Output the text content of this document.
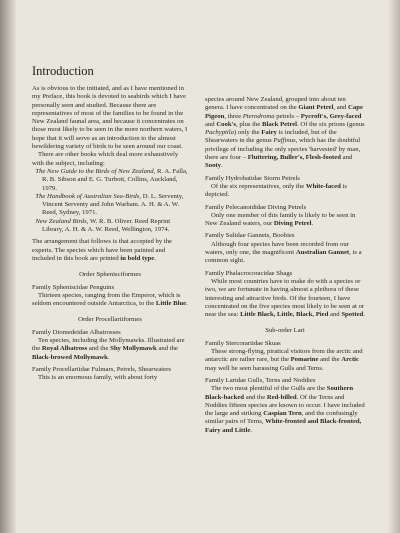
Introduction

As is obvious to the initiated, and as I have mentioned in my Preface, this book is devoted to seabirds which I have personally seen and studied. Because there are representatives of most of the families to be found in the New Zealand faunal area, and because it concentrates on those most likely to be seen in the more northern waters, I hope that it will serve as an introduction to the almost bewildering variety of birds to be seen around our coast.

There are other books which deal more exhaustively with the subject, including:

The New Guide to the Birds of New Zealand, R. A. Falla, R. B. Sibson and E. G. Turbott, Collins, Auckland, 1979.

The Handbook of Australian Sea-Birds, D. L. Serventy, Vincent Serventy and John Warham. A. H. & A. W. Reed, Sydney, 1971.

New Zealand Birds, W. R. B. Oliver. Reed Reprint Library, A. H. & A. W. Reed, Wellington, 1974.

The arrangement that follows is that accepted by the experts. The species which have been painted and included in this book are printed in bold type.

Order Sphenisciformes

Family Spheniscidae Penguins

Thirteen species, ranging from the Emperor, which is seldom encountered outside Antarctica, to the Little Blue.

Order Procellariiformes

Family Diomedeidae Albatrosses

Ten species, including the Mollymawks. Illustrated are the Royal Albatross and the Shy Mollymawk and the Black-browed Mollymawk.

Family Procellariidae Fulmars, Petrels, Shearwaters

This is an enormous family, with about forty

species around New Zealand, grouped into about ten genera. I have concentrated on the Giant Petrel, and Cape Pigeon, three Pterodroma petrels – Pycroft's, Grey-faced and Cook's, plus the Black Petrel. Of the six prions (genus Pachyptila) only the Fairy is included, but of the Shearwaters in the genus Puffinus, which has the doubtful privilege of including the only species 'harvested' by man, there are four – Fluttering, Buller's, Flesh-footed and Sooty.

Family Hydrobatidae Storm Petrels

Of the six representatives, only the White-faced is depicted.

Family Pelecanoididae Diving Petrels

Only one member of this family is likely to be seen in New Zealand waters, our Diving Petrel.

Family Sulidae Gannets, Boobies

Although four species have been recorded from our waters, only one, the magnificent Australian Gannet, is a common sight.

Family Phalacrocoracidae Shags

While most countries have to make do with a species or two, we are fortunate in having almost a plethora of these interesting and attractive birds. Of the fourteen, I have concentrated on the five species most likely to be seen at or near the sea: Little Black, Little, Black, Pied and Spotted.

Sub-order Lari

Family Stercorariidae Skuas

These strong-flying, piratical visitors from the arctic and antarctic are rather rare, but the Pomarine and the Arctic may well be seen harassing Gulls and Terns.

Family Laridae Gulls, Terns and Noddies

The two most plentiful of the Gulls are the Southern Black-backed and the Red-billed. Of the Terns and Noddies fifteen species are known to occur. I have included the large and striking Caspian Tern, and the confusingly similar pairs of Terns, White-fronted and Black-fronted, Fairy and Little.
